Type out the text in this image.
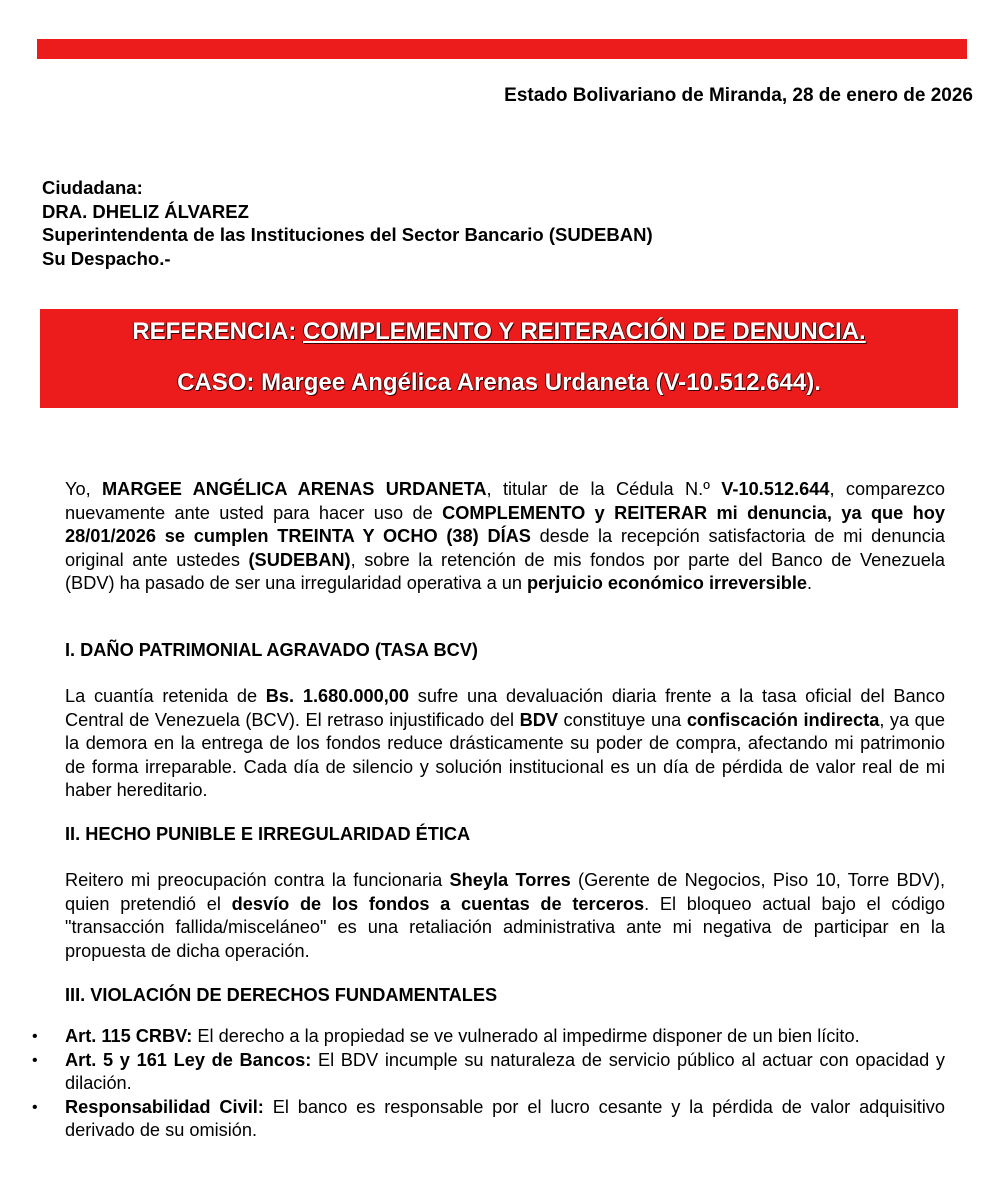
Estado Bolivariano de Miranda, 28 de enero de 2026
Ciudadana:
DRA. DHELIZ ÁLVAREZ
Superintendenta de las Instituciones del Sector Bancario (SUDEBAN)
Su Despacho.-
REFERENCIA: COMPLEMENTO Y REITERACIÓN DE DENUNCIA.
CASO: Margee Angélica Arenas Urdaneta (V-10.512.644).
Yo, MARGEE ANGÉLICA ARENAS URDANETA, titular de la Cédula N.º V-10.512.644, comparezco nuevamente ante usted para hacer uso de COMPLEMENTO y REITERAR mi denuncia, ya que hoy 28/01/2026 se cumplen TREINTA Y OCHO (38) DÍAS desde la recepción satisfactoria de mi denuncia original ante ustedes (SUDEBAN), sobre la retención de mis fondos por parte del Banco de Venezuela (BDV) ha pasado de ser una irregularidad operativa a un perjuicio económico irreversible.
I. DAÑO PATRIMONIAL AGRAVADO (TASA BCV)
La cuantía retenida de Bs. 1.680.000,00 sufre una devaluación diaria frente a la tasa oficial del Banco Central de Venezuela (BCV). El retraso injustificado del BDV constituye una confiscación indirecta, ya que la demora en la entrega de los fondos reduce drásticamente su poder de compra, afectando mi patrimonio de forma irreparable. Cada día de silencio y solución institucional es un día de pérdida de valor real de mi haber hereditario.
II. HECHO PUNIBLE E IRREGULARIDAD ÉTICA
Reitero mi preocupación contra la funcionaria Sheyla Torres (Gerente de Negocios, Piso 10, Torre BDV), quien pretendió el desvío de los fondos a cuentas de terceros. El bloqueo actual bajo el código "transacción fallida/misceláneo" es una retaliación administrativa ante mi negativa de participar en la propuesta de dicha operación.
III. VIOLACIÓN DE DERECHOS FUNDAMENTALES
• Art. 115 CRBV: El derecho a la propiedad se ve vulnerado al impedirme disponer de un bien lícito.
• Art. 5 y 161 Ley de Bancos: El BDV incumple su naturaleza de servicio público al actuar con opacidad y dilación.
• Responsabilidad Civil: El banco es responsable por el lucro cesante y la pérdida de valor adquisitivo derivado de su omisión.
